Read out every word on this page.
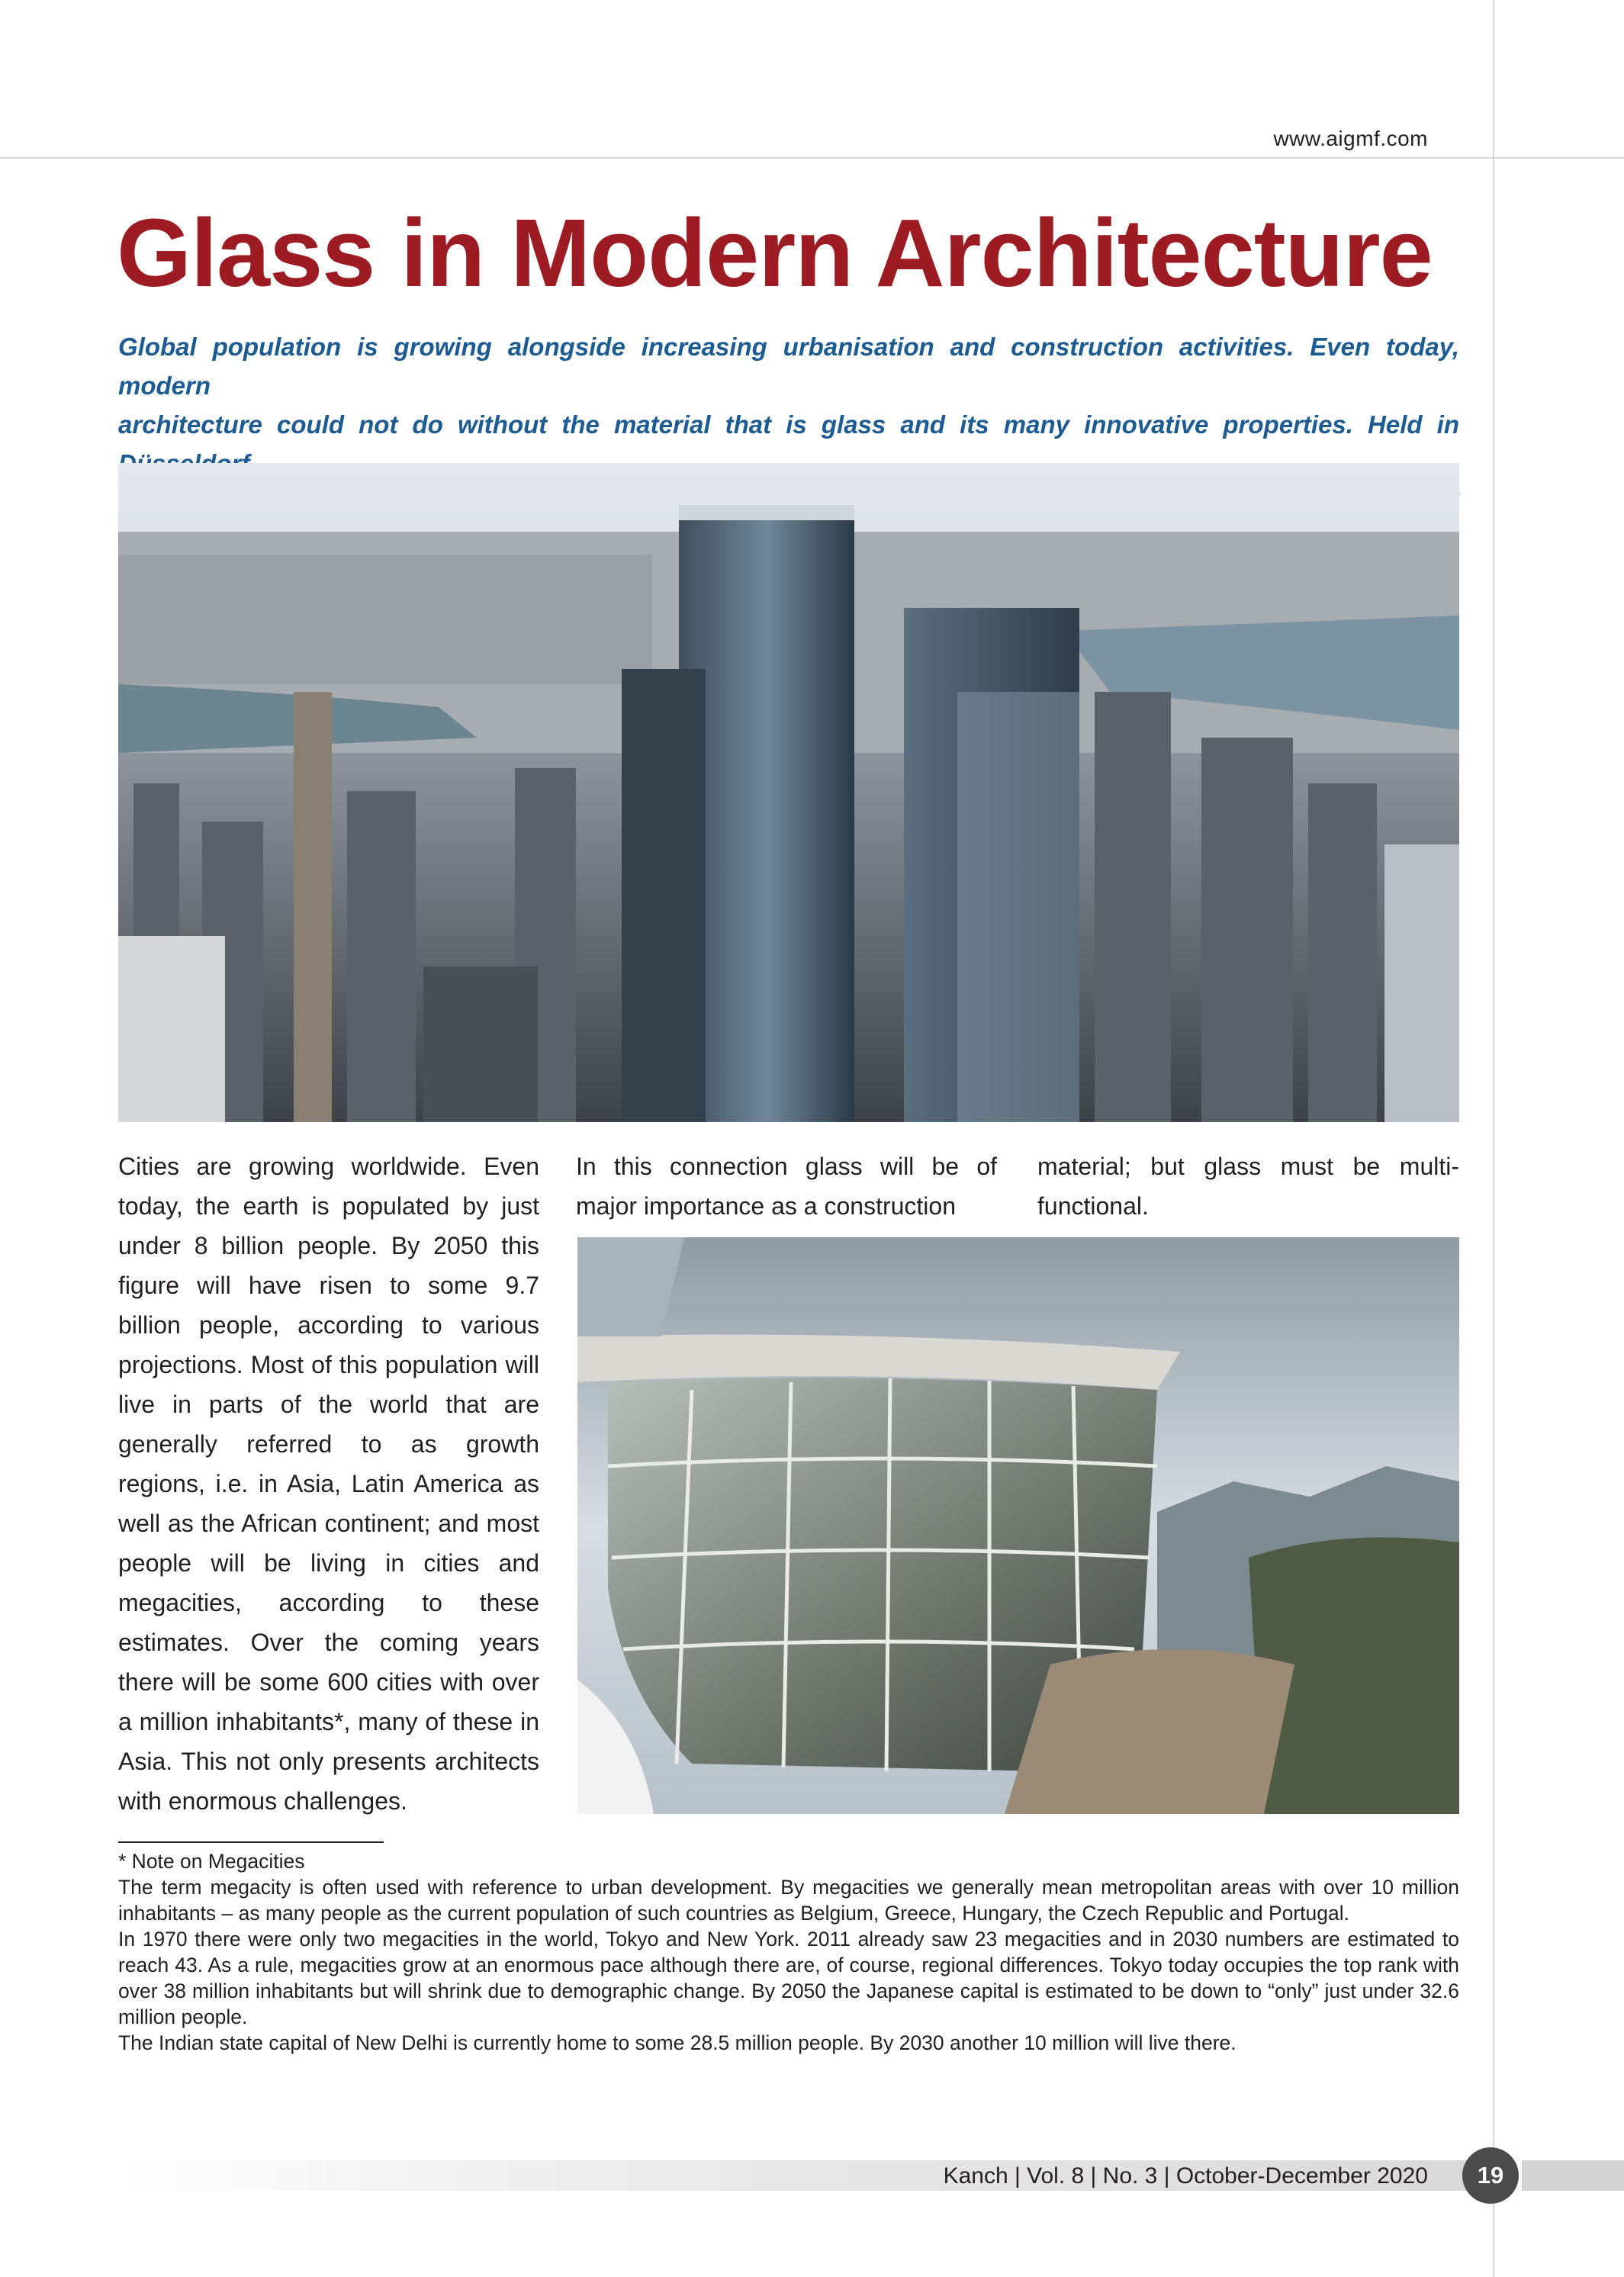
www.aigmf.com
Glass in Modern Architecture
Global population is growing alongside increasing urbanisation and construction activities. Even today, modern
architecture could not do without the material that is glass and its many innovative properties. Held in

Cities are growing worldwide. Even today, the earth is populated by just under 8 billion people. By 2050 this figure will have risen to some 9.7 billion people, according to various projections. Most of this population will live in parts of the world that are generally referred to as growth regions, i.e. in Asia, Latin America as well as the African continent; and most people will be living in cities and megacities, according to these estimates. Over the coming years there will be some 600 cities with over a million inhabitants*, many of these in Asia. This not only presents architects with enormous challenges.

In this connection glass will be of major importance as a construction

material; but glass must be multi-functional.

* Note on Megacities

The term megacity is often used with reference to urban development. By megacities we generally mean metropolitan areas with over 10 million inhabitants – as many people as the current population of such countries as Belgium, Greece, Hungary, the Czech Republic and Portugal.

In 1970 there were only two megacities in the world, Tokyo and New York. 2011 already saw 23 megacities and in 2030 numbers are estimated to reach 43. As a rule, megacities grow at an enormous pace although there are, of course, regional differences. Tokyo today occupies the top rank with over 38 million inhabitants but will shrink due to demographic change. By 2050 the Japanese capital is estimated to be down to “only” just under 32.6 million people.

The Indian state capital of New Delhi is currently home to some 28.5 million people. By 2030 another 10 million will live there.

Kanch | Vol. 8 | No. 3 | October-December 2020	19
